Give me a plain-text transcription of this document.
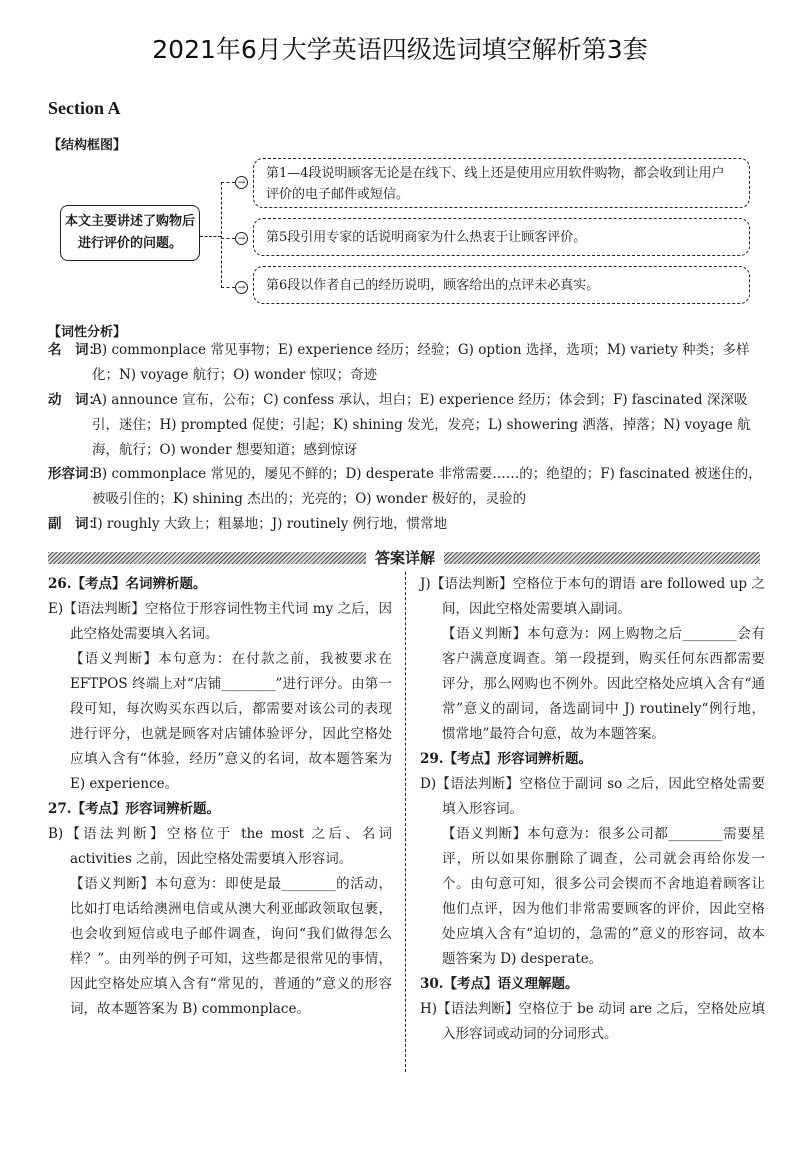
2021年6月大学英语四级选词填空解析第3套
Section A
【结构框图】
本文主要讲述了购物后进行评价的问题。
→
→
→
第1—4段说明顾客无论是在线下、线上还是使用应用软件购物，都会收到让用户评价的电子邮件或短信。
第5段引用专家的话说明商家为什么热衷于让顾客评价。
第6段以作者自己的经历说明，顾客给出的点评未必真实。
【词性分析】
名　词：
B) commonplace 常见事物；E) experience 经历；经验；G) option 选择，选项；M) variety 种类；多样化；N) voyage 航行；O) wonder 惊叹；奇迹
动　词：
A) announce 宣布，公布；C) confess 承认，坦白；E) experience 经历；体会到；F) fascinated 深深吸引，迷住；H) prompted 促使；引起；K) shining 发光，发亮；L) showering 洒落，掉落；N) voyage 航海，航行；O) wonder 想要知道；感到惊讶
形容词：
B) commonplace 常见的，屡见不鲜的；D) desperate 非常需要……的；绝望的；F) fascinated 被迷住的，被吸引住的；K) shining 杰出的；光亮的；O) wonder 极好的，灵验的
副　词：
I) roughly 大致上；粗暴地；J) routinely 例行地，惯常地
答案详解
26.【考点】名词辨析题。
E)【语法判断】空格位于形容词性物主代词 my 之后，因此空格处需要填入名词。
【语义判断】本句意为：在付款之前，我被要求在 EFTPOS 终端上对“店铺________”进行评分。由第一段可知，每次购买东西以后，都需要对该公司的表现进行评分，也就是顾客对店铺体验评分，因此空格处应填入含有“体验，经历”意义的名词，故本题答案为 E) experience。
27.【考点】形容词辨析题。
B)【语法判断】空格位于 the most 之后、名词 activities 之前，因此空格处需要填入形容词。
【语义判断】本句意为：即使是最________的活动，比如打电话给澳洲电信或从澳大利亚邮政领取包裹，也会收到短信或电子邮件调查，询问“我们做得怎么样？”。由列举的例子可知，这些都是很常见的事情，因此空格处应填入含有“常见的，普通的”意义的形容词，故本题答案为 B) commonplace。
J)【语法判断】空格位于本句的谓语 are followed up 之间，因此空格处需要填入副词。
【语义判断】本句意为：网上购物之后________会有客户满意度调查。第一段提到，购买任何东西都需要评分，那么网购也不例外。因此空格处应填入含有“通常”意义的副词，备选副词中 J) routinely“例行地，惯常地”最符合句意，故为本题答案。
29.【考点】形容词辨析题。
D)【语法判断】空格位于副词 so 之后，因此空格处需要填入形容词。
【语义判断】本句意为：很多公司都________需要星评，所以如果你删除了调查，公司就会再给你发一个。由句意可知，很多公司会锲而不舍地追着顾客让他们点评，因为他们非常需要顾客的评价，因此空格处应填入含有“迫切的，急需的”意义的形容词，故本题答案为 D) desperate。
30.【考点】语义理解题。
H)【语法判断】空格位于 be 动词 are 之后，空格处应填入形容词或动词的分词形式。
